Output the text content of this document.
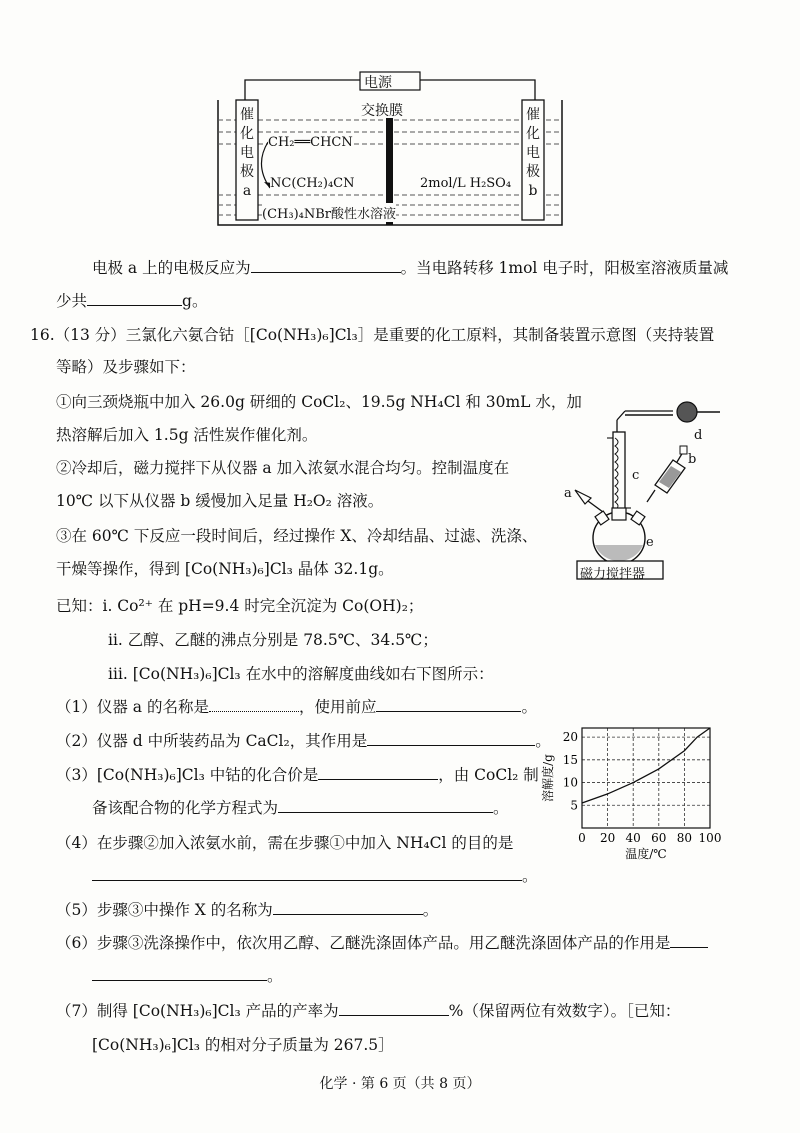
电源
交换膜
催
化
电
极
a
催
化
电
极
b
CH₂══CHCN
NC(CH₂)₄CN	2mol/L H₂SO₄
(CH₃)₄NBr酸性水溶液
电极 a 上的电极反应为	。当电路转移 1mol 电子时，阳极室溶液质量减
少共	g。
16.（13 分）三氯化六氨合钴［[Co(NH₃)₆]Cl₃］是重要的化工原料，其制备装置示意图（夹持装置
等略）及步骤如下：
①向三颈烧瓶中加入 26.0g 研细的 CoCl₂、19.5g NH₄Cl 和 30mL 水，加
热溶解后加入 1.5g 活性炭作催化剂。
②冷却后，磁力搅拌下从仪器 a 加入浓氨水混合均匀。控制温度在
10℃ 以下从仪器 b 缓慢加入足量 H₂O₂ 溶液。
③在 60℃ 下反应一段时间后，经过操作 X、冷却结晶、过滤、洗涤、
干燥等操作，得到 [Co(NH₃)₆]Cl₃ 晶体 32.1g。
已知：ⅰ. Co²⁺ 在 pH=9.4 时完全沉淀为 Co(OH)₂；
ⅱ. 乙醇、乙醚的沸点分别是 78.5℃、34.5℃；
ⅲ. [Co(NH₃)₆]Cl₃ 在水中的溶解度曲线如右下图所示：
a
b
c
d
e
磁力搅拌器
（1）仪器 a 的名称是	，使用前应	。
（2）仪器 d 中所装药品为 CaCl₂，其作用是	。
（3）[Co(NH₃)₆]Cl₃ 中钴的化合价是	，由 CoCl₂ 制
备该配合物的化学方程式为	。
（4）在步骤②加入浓氨水前，需在步骤①中加入 NH₄Cl 的目的是
。
（5）步骤③中操作 X 的名称为	。
（6）步骤③洗涤操作中，依次用乙醇、乙醚洗涤固体产品。用乙醚洗涤固体产品的作用是
。
（7）制得 [Co(NH₃)₆]Cl₃ 产品的产率为	%（保留两位有效数字）。［已知：
[Co(NH₃)₆]Cl₃ 的相对分子质量为 267.5］
0 20 40 60 80 100
5
10
15
20
温度/℃
溶解度/g
化学 · 第 6 页（共 8 页）
